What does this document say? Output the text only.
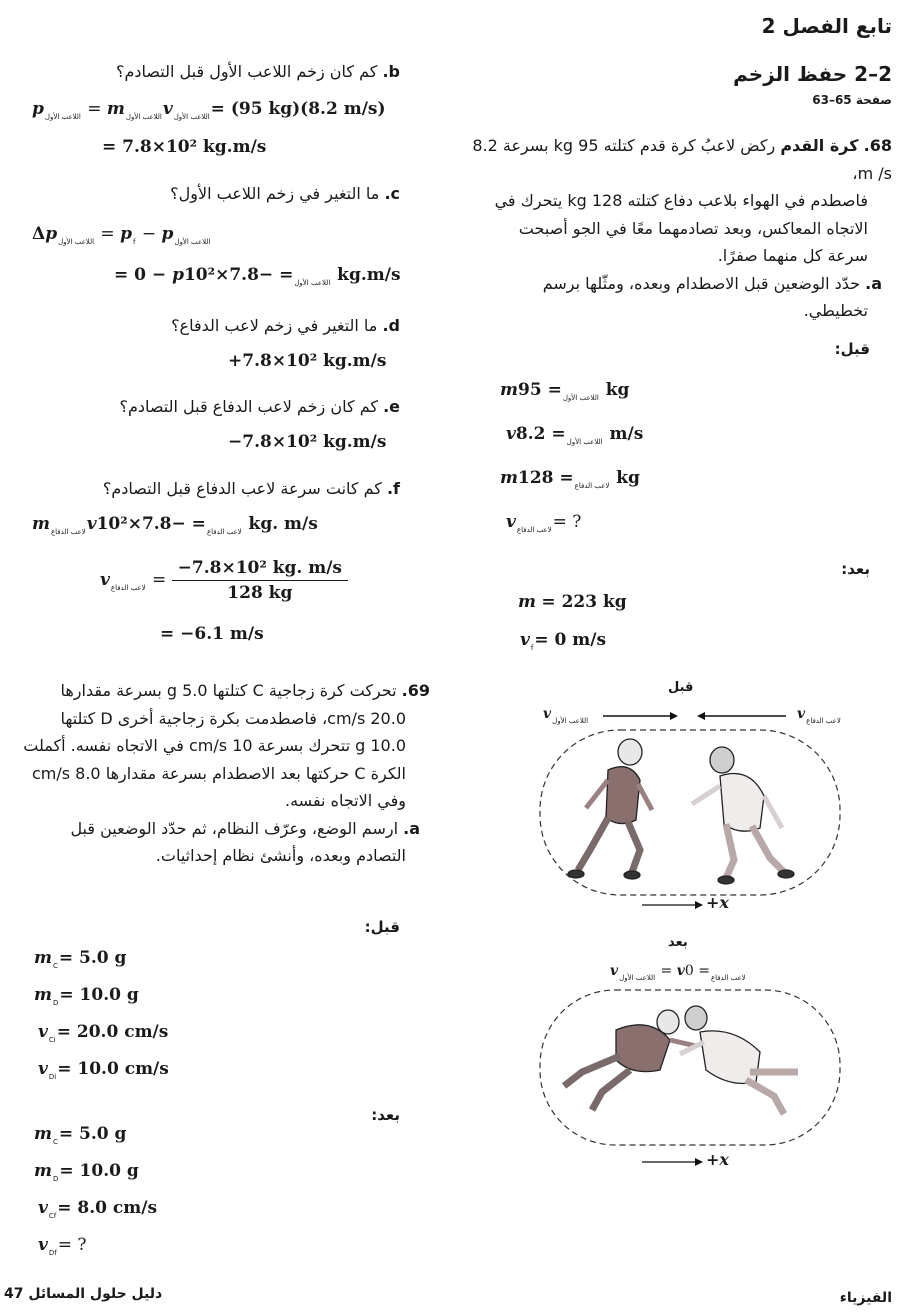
تابع الفصل 2
2–2 حفظ الزخم
صفحة 65–63
68. كرة القدم ركض لاعبُ كرة قدم كتلته 95 kg بسرعة 8.2 m /s،
فاصطدم في الهواء بلاعب دفاع كتلته 128 kg يتحرك في
الاتجاه المعاكس، وبعد تصادمهما معًا في الجو أصبحت
سرعة كل منهما صفرًا.
a. حدّد الوضعين قبل الاصطدام وبعده، ومثّلها برسم
تخطيطي.
قبل:
m	$_{اللاعب الأول}$= 95 kg
v	$_{اللاعب الأول}$= 8.2 m/s
m	$_{لاعب الدفاع}$= 128 kg
$v_{لاعب الدفاع}=$ ?
بعد:
m = 223 kg
$v_f= 0$ m/s
قبل
$v_{اللاعب الأول}$	$v_{لاعب الدفاع}$
+x
بعد
$v_{اللاعب الأول} = v$	$_{لاعب الدفاع}$= 0
+x
b. كم كان زخم اللاعب الأول قبل التصادم؟
$p_{اللاعب الأول} = m_{اللاعب الأول}v_{اللاعب الأول}= (95$ kg)(8.2 m/s)
= 7.8×10² kg.m/s
c. ما التغير في زخم اللاعب الأول؟
$\Delta p_{اللاعب الأول} = p_f - p_{اللاعب الأول}$
= 0 − p	$_{اللاعب الأول}$= −7.8×10² kg.m/s
d. ما التغير في زخم لاعب الدفاع؟
+7.8×10² kg.m/s
e. كم كان زخم لاعب الدفاع قبل التصادم؟
−7.8×10² kg.m/s
f. كم كانت سرعة لاعب الدفاع قبل التصادم؟
$m_{لاعب الدفاع}v$	$_{لاعب الدفاع}$= −7.8×10² kg. m/s
$v_{لاعب الدفاع} = \frac{\text{−7.8×10² kg. m/s}}{128 kg}$
= −6.1 m/s
69. تحركت كرة زجاجية C كتلتها 5.0 g بسرعة مقدارها
20.0 cm/s، فاصطدمت بكرة زجاجية أخرى D كتلتها
10.0 g تتحرك بسرعة 10 cm/s في الاتجاه نفسه. أكملت
الكرة C حركتها بعد الاصطدام بسرعة مقدارها 8.0 cm/s
وفي الاتجاه نفسه.
a. ارسم الوضع، وعرّف النظام، ثم حدّد الوضعين قبل
التصادم وبعده، وأنشئ نظام إحداثيات.
قبل:
$m_C= 5.0$ g
$m_D= 10.0$ g
$v_{Ci}= 20.0$ cm/s
$v_{Di}= 10.0$ cm/s
بعد:
$m_C= 5.0$ g
$m_D= 10.0$ g
$v_{Cf}= 8.0$ cm/s
$v_{Df}=$ ?
دليل حلول المسائل 47	الفيزياء
